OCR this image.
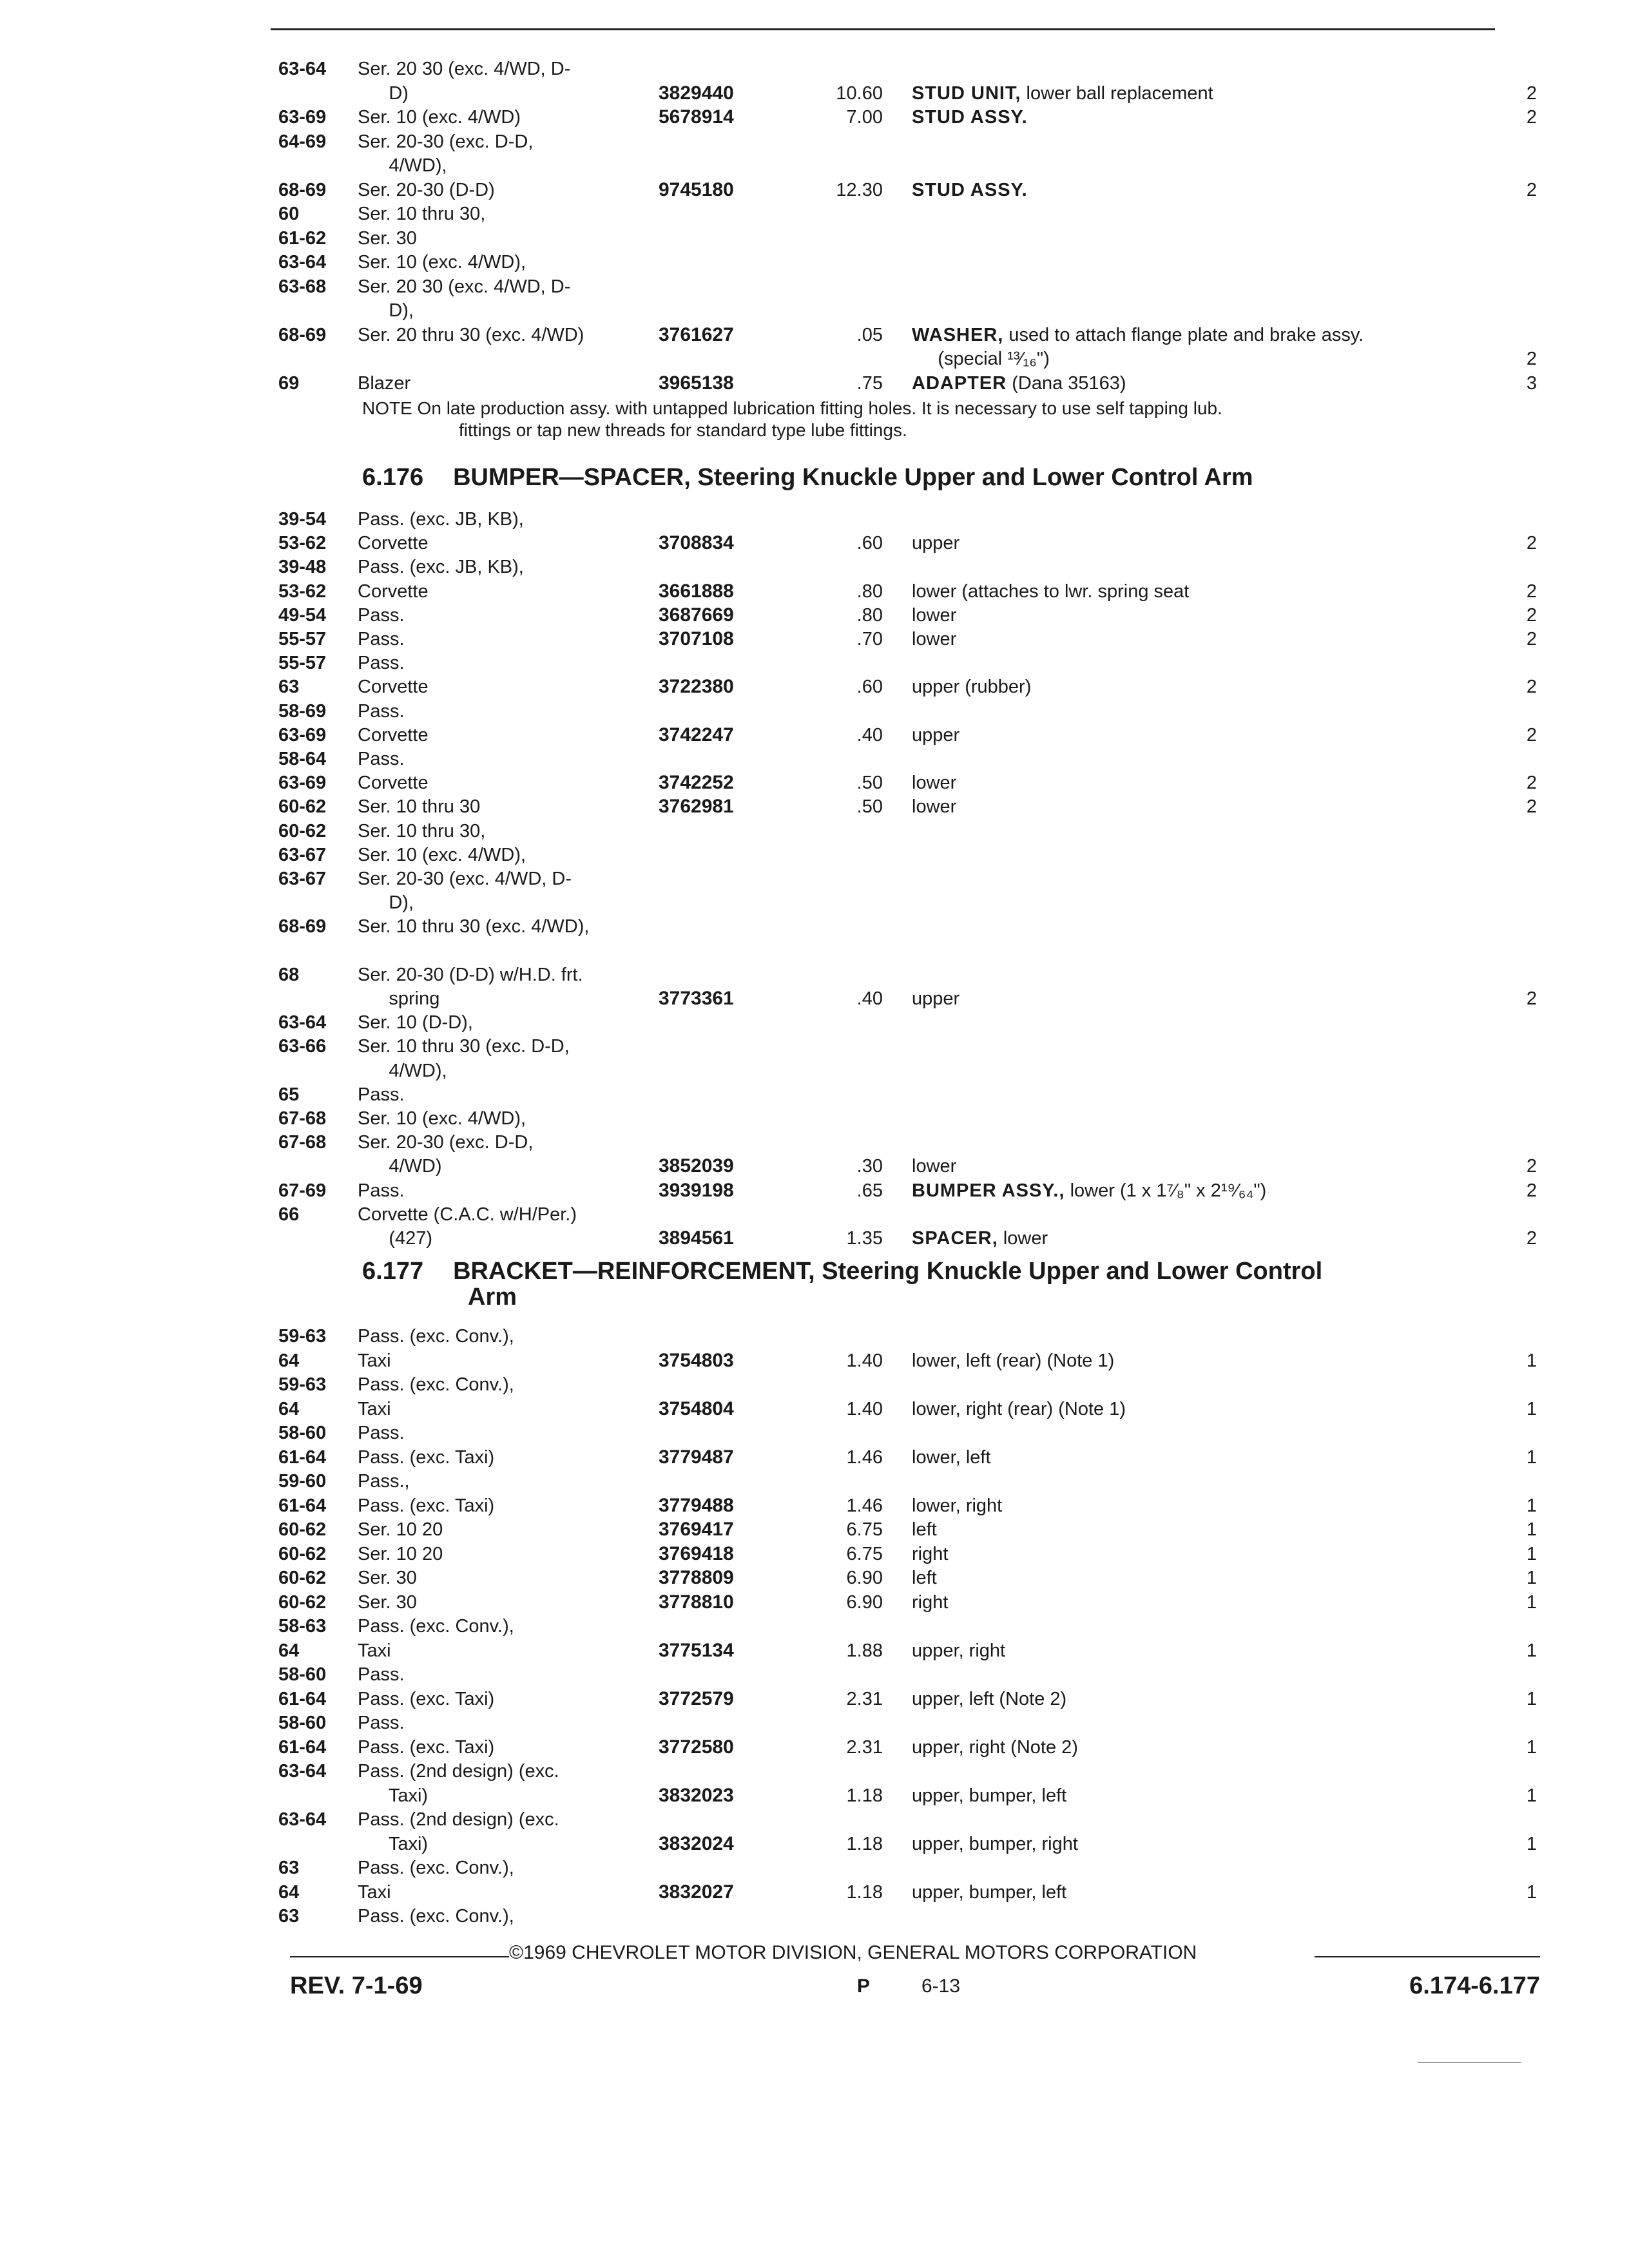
63-64 Ser. 20 30 (exc. 4/WD, D-
D)	3829440	10.60 STUD UNIT, lower ball replacement	2
63-69 Ser. 10 (exc. 4/WD)	5678914	7.00 STUD ASSY.	2
64-69 Ser. 20-30 (exc. D-D,
4/WD),
68-69 Ser. 20-30 (D-D)	9745180	12.30 STUD ASSY.	2
60	Ser. 10 thru 30,
61-62 Ser. 30
63-64 Ser. 10 (exc. 4/WD),
63-68 Ser. 20 30 (exc. 4/WD, D-
D),
68-69 Ser. 20 thru 30 (exc. 4/WD)	3761627	.05 WASHER, used to attach flange plate and brake assy.
(special ¹³⁄₁₆")	2
69	Blazer	3965138	.75 ADAPTER (Dana 35163)	3
NOTE On late production assy. with untapped lubrication fitting holes. It is necessary to use self tapping lub.
fittings or tap new threads for standard type lube fittings.
6.176 BUMPER—SPACER, Steering Knuckle Upper and Lower Control Arm
39-54 Pass. (exc. JB, KB),
53-62 Corvette	3708834	.60 upper	2
39-48 Pass. (exc. JB, KB),
53-62 Corvette	3661888	.80 lower (attaches to lwr. spring seat	2
49-54 Pass.	3687669	.80 lower	2
55-57 Pass.	3707108	.70 lower	2
55-57 Pass.
63	Corvette	3722380	.60 upper (rubber)	2
58-69 Pass.
63-69 Corvette	3742247	.40 upper	2
58-64 Pass.
63-69 Corvette	3742252	.50 lower	2
60-62 Ser. 10 thru 30	3762981	.50 lower	2
60-62 Ser. 10 thru 30,
63-67 Ser. 10 (exc. 4/WD),
63-67 Ser. 20-30 (exc. 4/WD, D-
D),
68-69 Ser. 10 thru 30 (exc. 4/WD),
68	Ser. 20-30 (D-D) w/H.D. frt.
spring	3773361	.40 upper	2
63-64 Ser. 10 (D-D),
63-66 Ser. 10 thru 30 (exc. D-D,
4/WD),
65	Pass.
67-68 Ser. 10 (exc. 4/WD),
67-68 Ser. 20-30 (exc. D-D,
4/WD)	3852039	.30 lower	2
67-69 Pass.	3939198	.65 BUMPER ASSY., lower (1 x 1⁷⁄₈" x 2¹⁹⁄₆₄")	2
66	Corvette (C.A.C. w/H/Per.)
(427)	3894561	1.35 SPACER, lower	2
6.177 BRACKET—REINFORCEMENT, Steering Knuckle Upper and Lower Control
Arm
59-63 Pass. (exc. Conv.),
64	Taxi	3754803	1.40 lower, left (rear) (Note 1)	1
59-63 Pass. (exc. Conv.),
64	Taxi	3754804	1.40 lower, right (rear) (Note 1)	1
58-60 Pass.
61-64 Pass. (exc. Taxi)	3779487	1.46 lower, left	1
59-60 Pass.,
61-64 Pass. (exc. Taxi)	3779488	1.46 lower, right	1
60-62 Ser. 10 20	3769417	6.75 left	1
60-62 Ser. 10 20	3769418	6.75 right	1
60-62 Ser. 30	3778809	6.90 left	1
60-62 Ser. 30	3778810	6.90 right	1
58-63 Pass. (exc. Conv.),
64	Taxi	3775134	1.88 upper, right	1
58-60 Pass.
61-64 Pass. (exc. Taxi)	3772579	2.31 upper, left (Note 2)	1
58-60 Pass.
61-64 Pass. (exc. Taxi)	3772580	2.31 upper, right (Note 2)	1
63-64 Pass. (2nd design) (exc.
Taxi)	3832023	1.18 upper, bumper, left	1
63-64 Pass. (2nd design) (exc.
Taxi)	3832024	1.18 upper, bumper, right	1
63	Pass. (exc. Conv.),
64	Taxi	3832027	1.18 upper, bumper, left	1
63	Pass. (exc. Conv.),
©1969 CHEVROLET MOTOR DIVISION, GENERAL MOTORS CORPORATION
REV. 7-1-69	P	6-13	6.174-6.177
